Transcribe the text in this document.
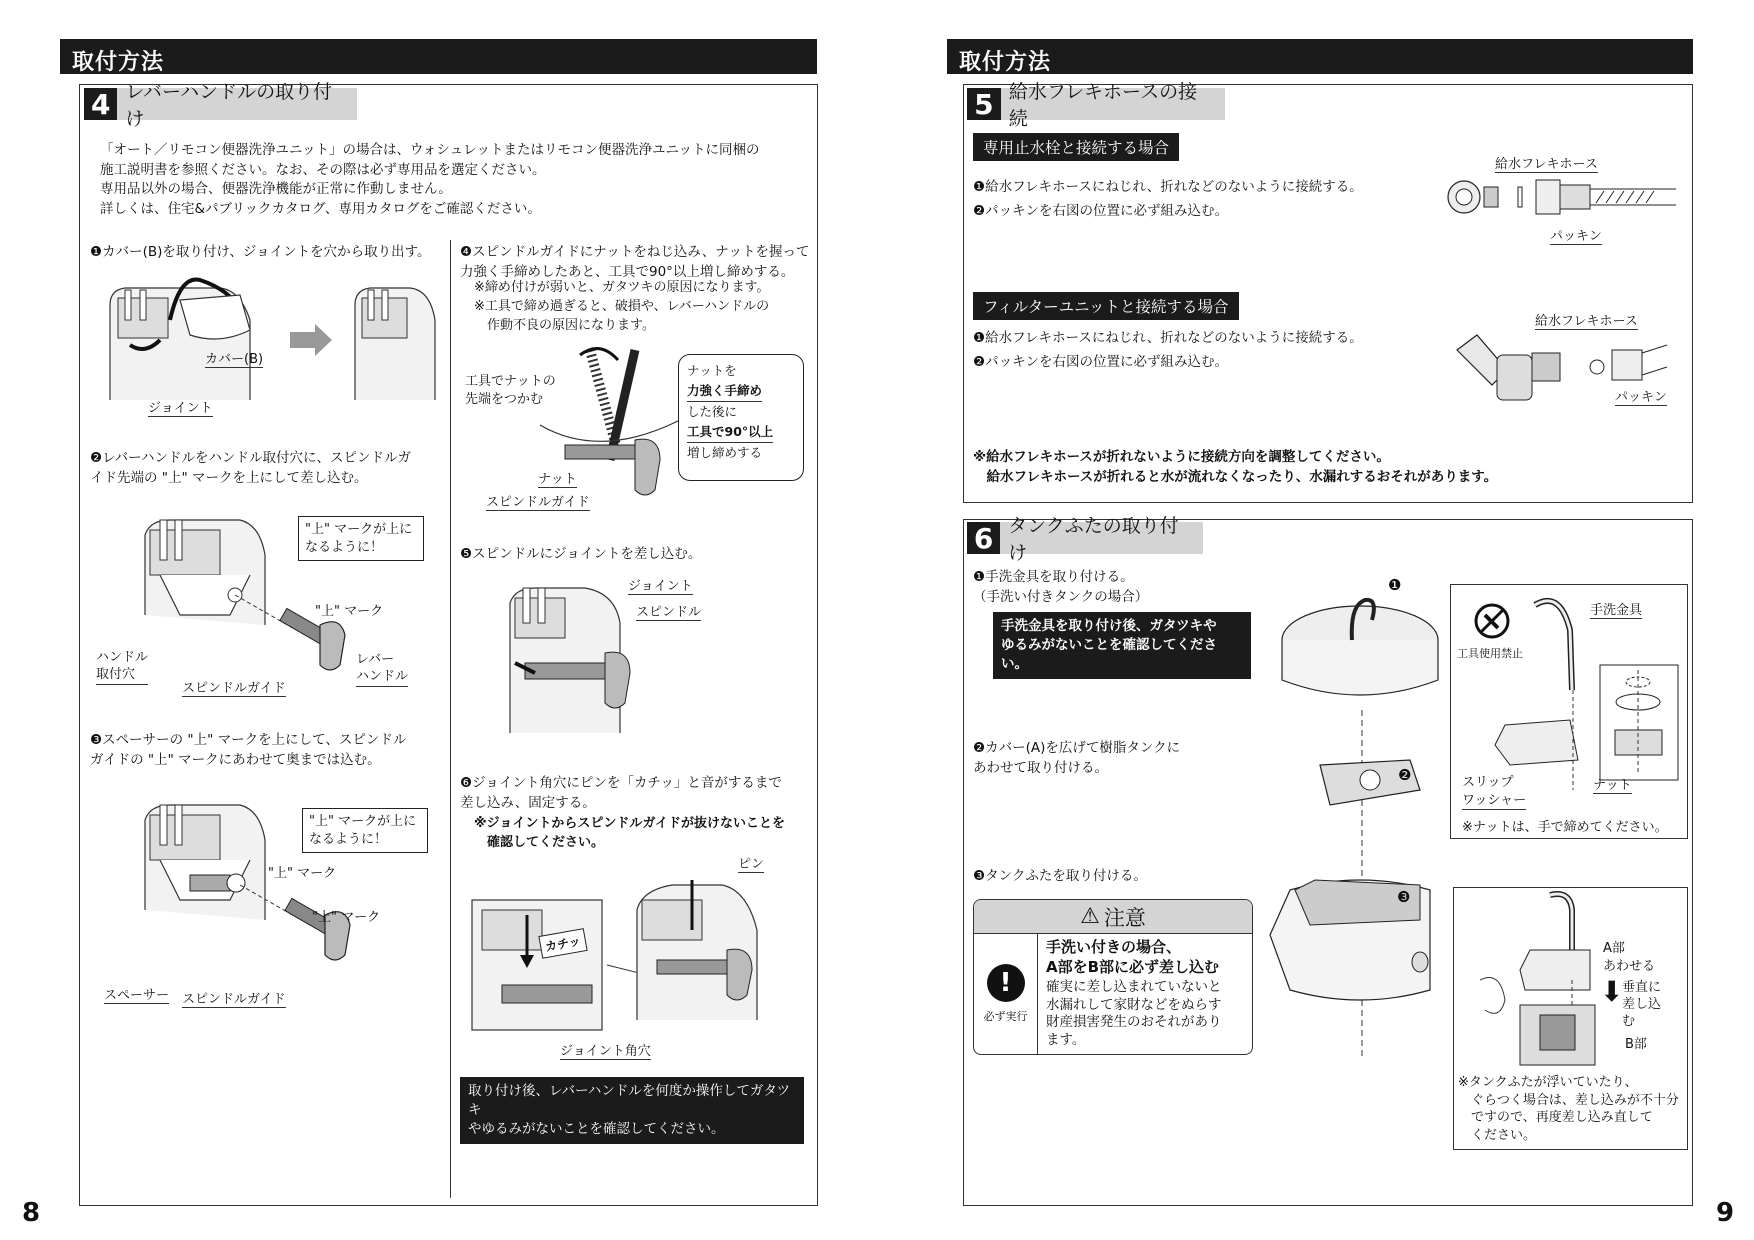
取付方法
4 レバーハンドルの取り付け
「オート／リモコン便器洗浄ユニット」の場合は、ウォシュレットまたはリモコン便器洗浄ユニットに同梱の
施工説明書を参照ください。なお、その際は必ず専用品を選定ください。
専用品以外の場合、便器洗浄機能が正常に作動しません。
詳しくは、住宅&パブリックカタログ、専用カタログをご確認ください。
❶カバー(B)を取り付け、ジョイントを穴から取り出す。
カバー(B)
ジョイント
❷レバーハンドルをハンドル取付穴に、スピンドルガ
イド先端の "上" マークを上にして差し込む。
"上" マークが上に
なるように！
"上" マーク
ハンドル
取付穴
スピンドルガイド
レバー
ハンドル
❸スペーサーの "上" マークを上にして、スピンドル
ガイドの "上" マークにあわせて奥までは込む。
"上" マークが上に
なるように！
"上" マーク
"上" マーク
スペーサー スピンドルガイド
❹スピンドルガイドにナットをねじ込み、ナットを握って
力強く手締めしたあと、工具で90°以上増し締めする。
※締め付けが弱いと、ガタツキの原因になります。
※工具で締め過ぎると、破損や、レバーハンドルの
　作動不良の原因になります。
工具でナットの
先端をつかむ
ナット
スピンドルガイド
ナットを
力強く手締め
した後に
工具で90°以上
増し締めする
❺スピンドルにジョイントを差し込む。
ジョイント
スピンドル
❻ジョイント角穴にピンを「カチッ」と音がするまで
差し込み、固定する。
※ジョイントからスピンドルガイドが抜けないことを
　確認してください。
カチッ
ピン
ジョイント角穴
取り付け後、レバーハンドルを何度か操作してガタツキ
やゆるみがないことを確認してください。
8
取付方法
5 給水フレキホースの接続
専用止水栓と接続する場合
❶給水フレキホースにねじれ、折れなどのないように接続する。
❷パッキンを右図の位置に必ず組み込む。
給水フレキホース
パッキン
フィルターユニットと接続する場合
❶給水フレキホースにねじれ、折れなどのないように接続する。
❷パッキンを右図の位置に必ず組み込む。
給水フレキホース
パッキン
※給水フレキホースが折れないように接続方向を調整してください。
　給水フレキホースが折れると水が流れなくなったり、水漏れするおそれがあります。
6 タンクふたの取り付け
❶手洗金具を取り付ける。
（手洗い付きタンクの場合）
手洗金具を取り付け後、ガタツキや
ゆるみがないことを確認してください。
❷カバー(A)を広げて樹脂タンクに
あわせて取り付ける。
❸タンクふたを取り付ける。
❶
❷
❸
工具使用禁止
手洗金具
スリップ
ワッシャー
ナット
※ナットは、手で締めてください。
⚠ 注意
!
必ず実行
手洗い付きの場合、
A部をB部に必ず差し込む
確実に差し込まれていないと
水漏れして家財などをぬらす
財産損害発生のおそれがあり
ます。
A部
あわせる
⬇
垂直に
差し込
む
B部
※タンクふたが浮いていたり、
　ぐらつく場合は、差し込みが不十分
　ですので、再度差し込み直して
　ください。
9
